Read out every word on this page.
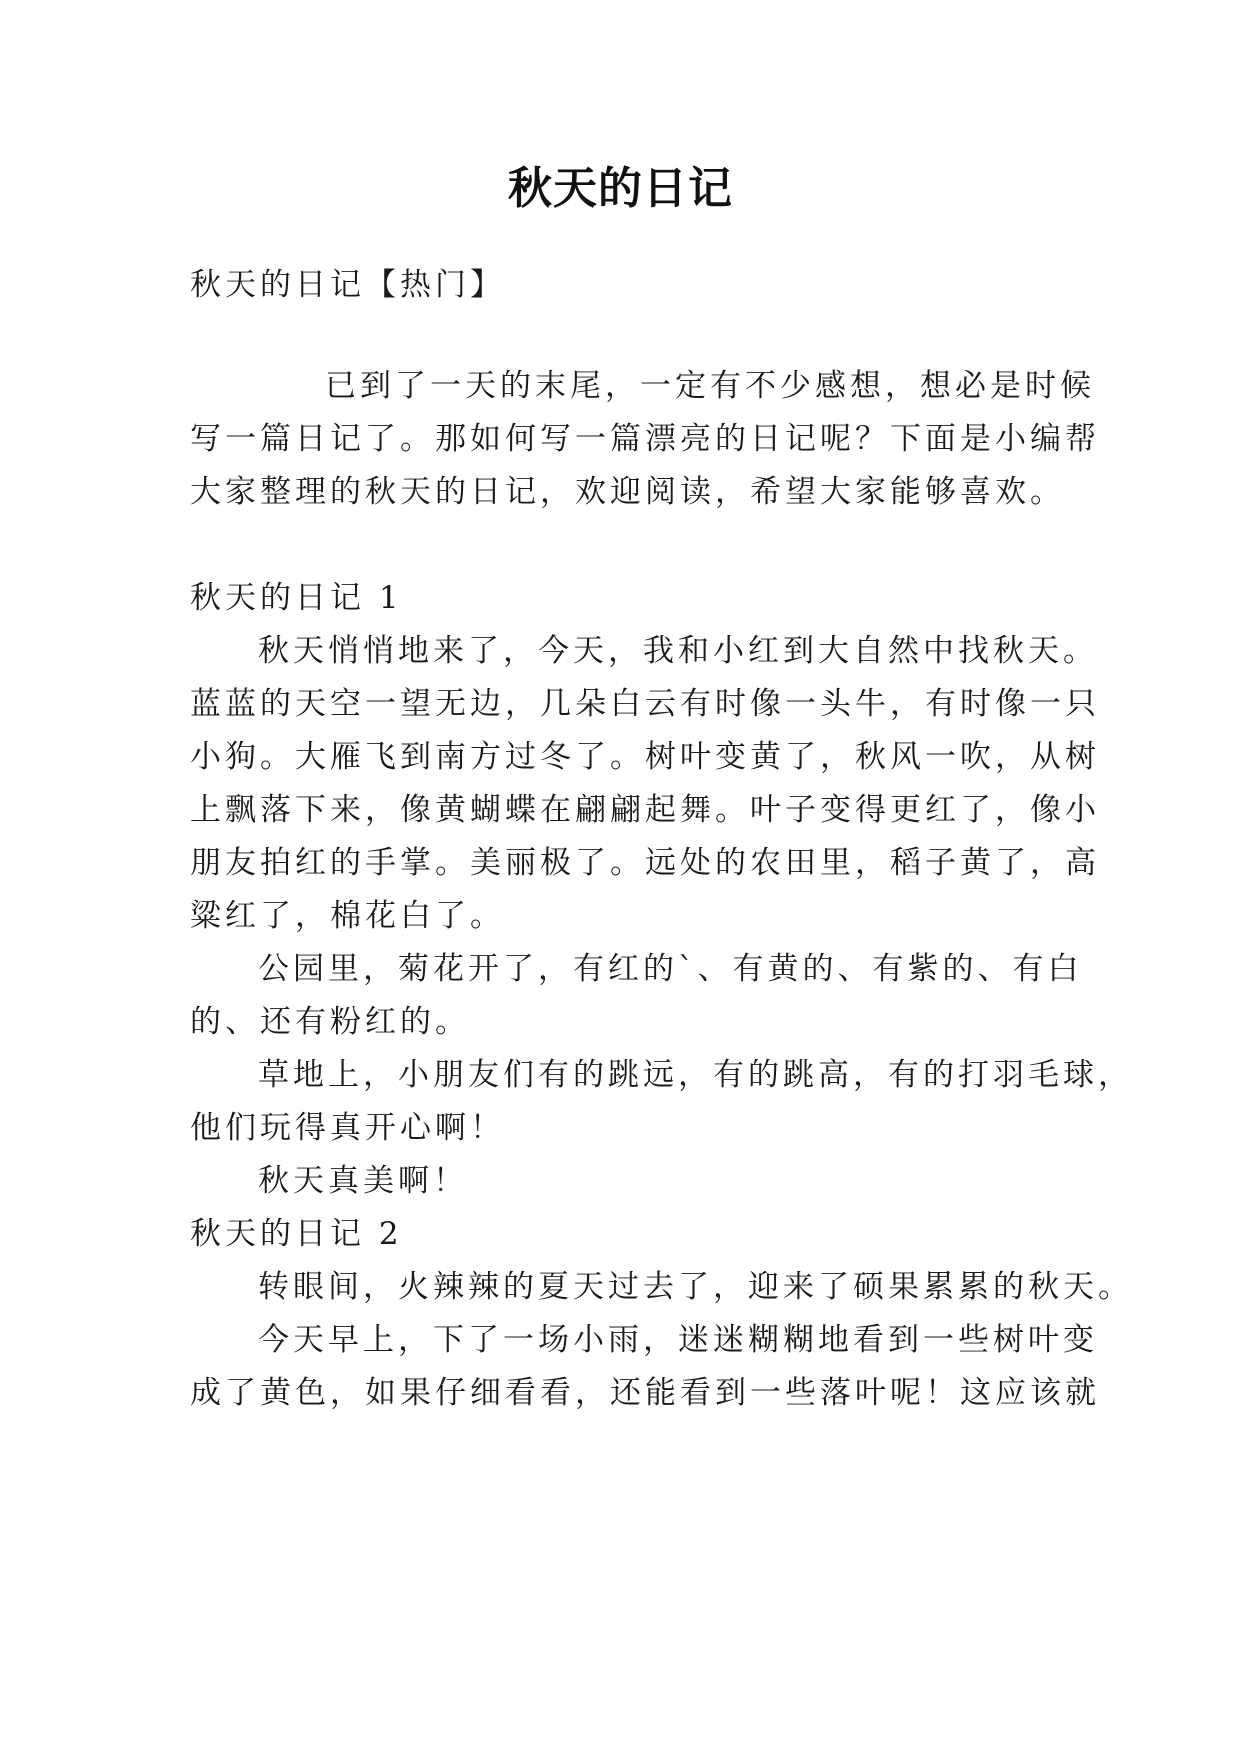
秋天的日记
秋天的日记【热门】
已到了一天的末尾，一定有不少感想，想必是时候
写一篇日记了。那如何写一篇漂亮的日记呢？下面是小编帮
大家整理的秋天的日记，欢迎阅读，希望大家能够喜欢。
秋天的日记 1
秋天悄悄地来了，今天，我和小红到大自然中找秋天。
蓝蓝的天空一望无边，几朵白云有时像一头牛，有时像一只
小狗。大雁飞到南方过冬了。树叶变黄了，秋风一吹，从树
上飘落下来，像黄蝴蝶在翩翩起舞。叶子变得更红了，像小
朋友拍红的手掌。美丽极了。远处的农田里，稻子黄了，高
粱红了，棉花白了。
公园里，菊花开了，有红的`、有黄的、有紫的、有白
的、还有粉红的。
草地上，小朋友们有的跳远，有的跳高，有的打羽毛球，
他们玩得真开心啊！
秋天真美啊！
秋天的日记 2
转眼间，火辣辣的夏天过去了，迎来了硕果累累的秋天。
今天早上，下了一场小雨，迷迷糊糊地看到一些树叶变
成了黄色，如果仔细看看，还能看到一些落叶呢！这应该就
